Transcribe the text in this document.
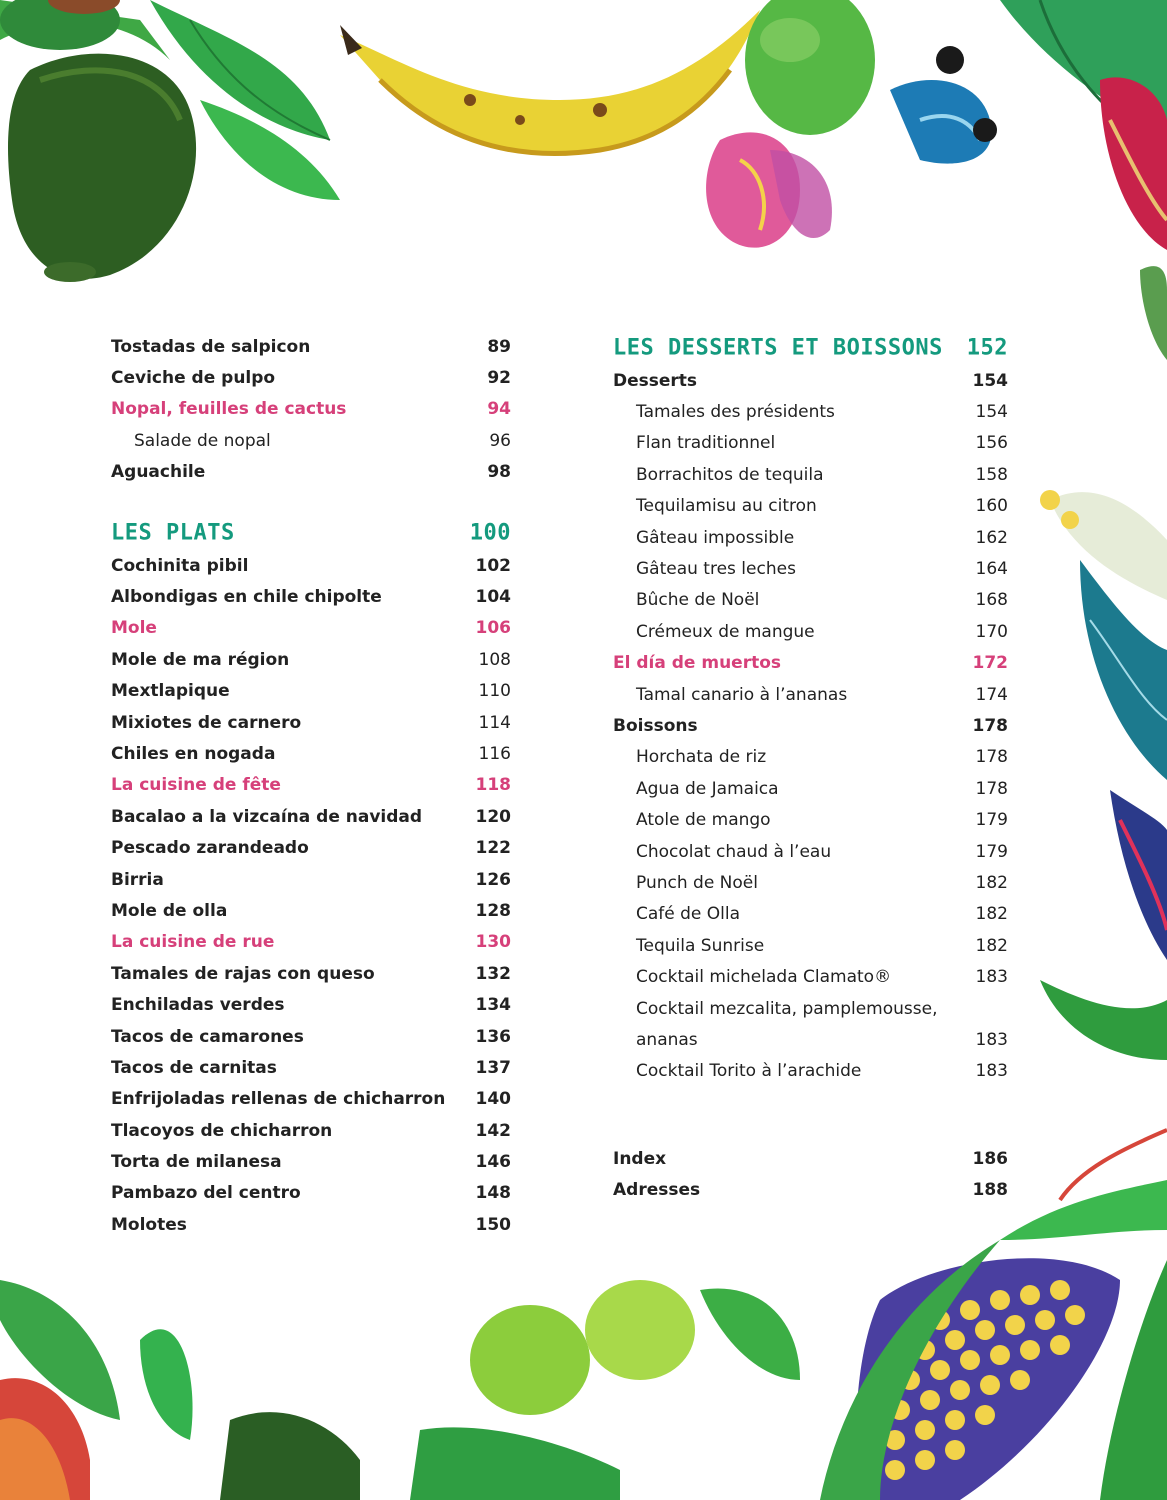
Tostadas de salpicon	89
Ceviche de pulpo	92
Nopal, feuilles de cactus	94
Salade de nopal	96
Aguachile	98
LES PLATS	100
Cochinita pibil	102
Albondigas en chile chipolte	104
Mole	106
Mole de ma région	108
Mextlapique	110
Mixiotes de carnero	114
Chiles en nogada	116
La cuisine de fête	118
Bacalao a la vizcaína de navidad	120
Pescado zarandeado	122
Birria	126
Mole de olla	128
La cuisine de rue	130
Tamales de rajas con queso	132
Enchiladas verdes	134
Tacos de camarones	136
Tacos de carnitas	137
Enfrijoladas rellenas de chicharron 140
Tlacoyos de chicharron	142
Torta de milanesa	146
Pambazo del centro	148
Molotes	150
LES DESSERTS ET BOISSONS 152
Desserts	154
Tamales des présidents	154
Flan traditionnel	156
Borrachitos de tequila	158
Tequilamisu au citron	160
Gâteau impossible	162
Gâteau tres leches	164
Bûche de Noël	168
Crémeux de mangue	170
El día de muertos	172
Tamal canario à l’ananas	174
Boissons	178
Horchata de riz	178
Agua de Jamaica	178
Atole de mango	179
Chocolat chaud à l’eau	179
Punch de Noël	182
Café de Olla	182
Tequila Sunrise	182
Cocktail michelada Clamato®	183
Cocktail mezcalita, pamplemousse,
ananas	183
Cocktail Torito à l’arachide	183
Index	186
Adresses	188
